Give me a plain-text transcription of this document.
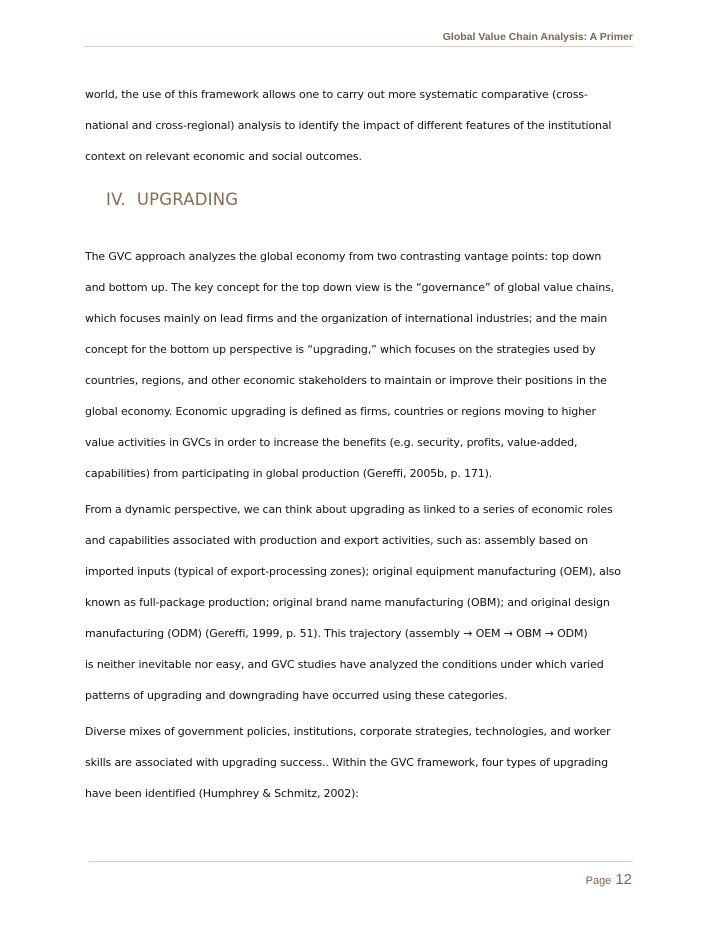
Global Value Chain Analysis: A Primer

world, the use of this framework allows one to carry out more systematic comparative (cross-
national and cross-regional) analysis to identify the impact of different features of the institutional
context on relevant economic and social outcomes.

IV. UPGRADING

The GVC approach analyzes the global economy from two contrasting vantage points: top down
and bottom up. The key concept for the top down view is the “governance” of global value chains,
which focuses mainly on lead firms and the organization of international industries; and the main
concept for the bottom up perspective is “upgrading,” which focuses on the strategies used by
countries, regions, and other economic stakeholders to maintain or improve their positions in the
global economy. Economic upgrading is defined as firms, countries or regions moving to higher
value activities in GVCs in order to increase the benefits (e.g. security, profits, value-added,
capabilities) from participating in global production (Gereffi, 2005b, p. 171).

From a dynamic perspective, we can think about upgrading as linked to a series of economic roles
and capabilities associated with production and export activities, such as: assembly based on
imported inputs (typical of export-processing zones); original equipment manufacturing (OEM), also
known as full-package production; original brand name manufacturing (OBM); and original design
manufacturing (ODM) (Gereffi, 1999, p. 51). This trajectory (assembly → OEM → OBM → ODM)
is neither inevitable nor easy, and GVC studies have analyzed the conditions under which varied
patterns of upgrading and downgrading have occurred using these categories.

Diverse mixes of government policies, institutions, corporate strategies, technologies, and worker
skills are associated with upgrading success.. Within the GVC framework, four types of upgrading
have been identified (Humphrey & Schmitz, 2002):

Page 12
